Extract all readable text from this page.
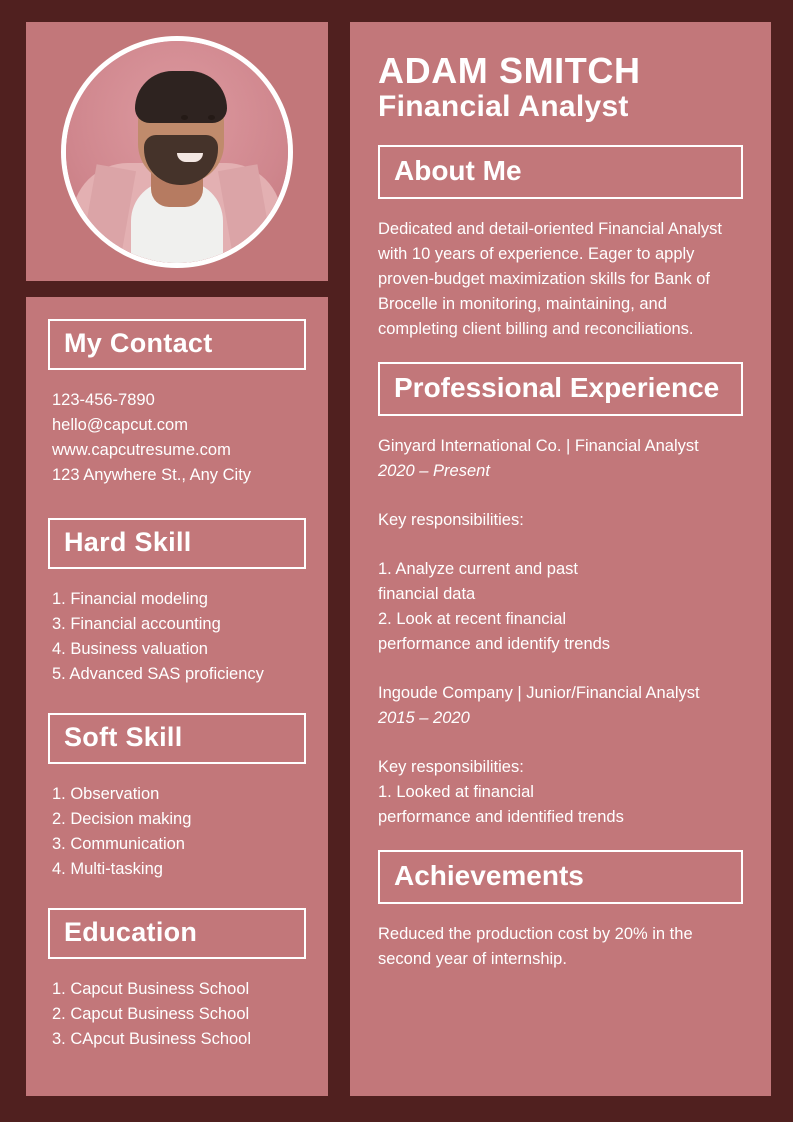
My Contact
123-456-7890
hello@capcut.com
www.capcutresume.com
123 Anywhere St., Any City
Hard Skill
1. Financial modeling
3. Financial accounting
4. Business valuation
5. Advanced SAS proficiency
Soft Skill
1. Observation
2. Decision making
3. Communication
4. Multi-tasking
Education
1. Capcut Business School
2. Capcut Business School
3. CApcut Business School
ADAM SMITCH
Financial Analyst
About Me
Dedicated and detail-oriented Financial Analyst with 10 years of experience. Eager to apply proven-budget maximization skills for Bank of Brocelle in monitoring, maintaining, and completing client billing and reconciliations.
Professional Experience
Ginyard International Co. | Financial Analyst
2020 – Present
Key responsibilities:
1. Analyze current and past
financial data
2. Look at recent financial
performance and identify trends
Ingoude Company | Junior/Financial Analyst
2015 – 2020
Key responsibilities:
1. Looked at financial
performance and identified trends
Achievements
Reduced the production cost by 20% in the second year of internship.
